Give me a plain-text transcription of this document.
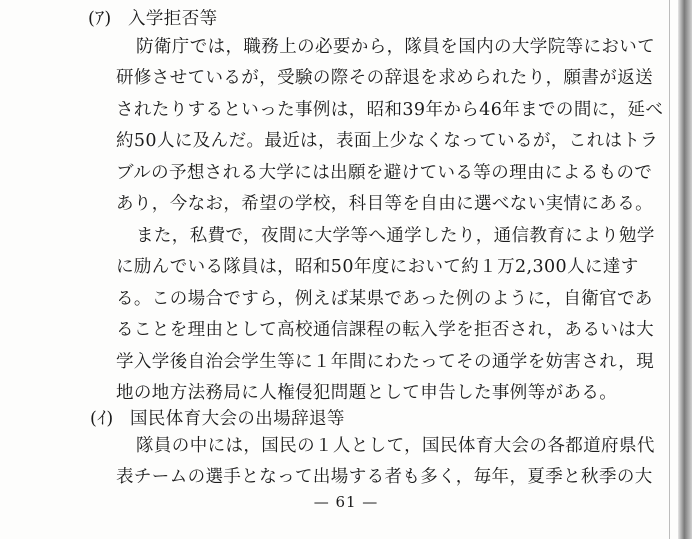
(ｱ) 入学拒否等
防衛庁では，職務上の必要から，隊員を国内の大学院等において
研修させているが，受験の際その辞退を求められたり，願書が返送
されたりするといった事例は，昭和39年から46年までの間に，延べ
約50人に及んだ。最近は，表面上少なくなっているが，これはトラ
ブルの予想される大学には出願を避けている等の理由によるもので
あり，今なお，希望の学校，科目等を自由に選べない実情にある。
また，私費で，夜間に大学等へ通学したり，通信教育により勉学
に励んでいる隊員は，昭和50年度において約１万2,300人に達す
る。この場合ですら，例えば某県であった例のように，自衛官であ
ることを理由として高校通信課程の転入学を拒否され，あるいは大
学入学後自治会学生等に１年間にわたってその通学を妨害され，現
地の地方法務局に人権侵犯問題として申告した事例等がある。
(ｲ) 国民体育大会の出場辞退等
隊員の中には，国民の１人として，国民体育大会の各都道府県代
表チームの選手となって出場する者も多く，毎年，夏季と秋季の大
— 61 —
